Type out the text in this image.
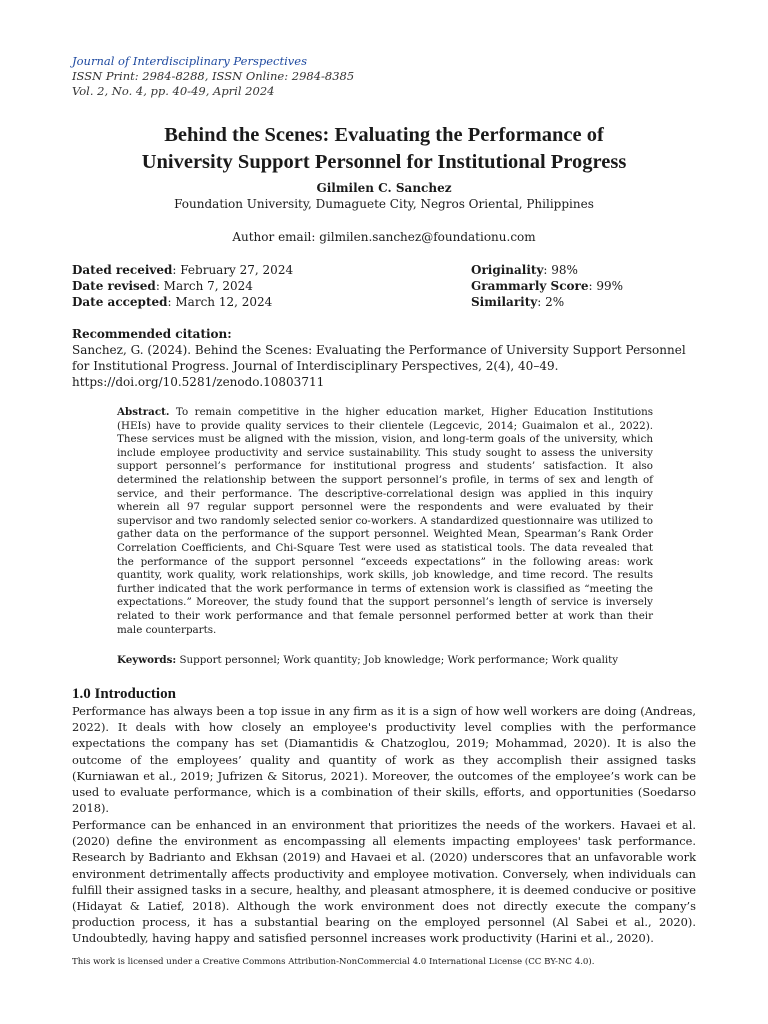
Journal of Interdisciplinary Perspectives
ISSN Print: 2984-8288, ISSN Online: 2984-8385
Vol. 2, No. 4, pp. 40-49, April 2024
Behind the Scenes: Evaluating the Performance of
University Support Personnel for Institutional Progress
Gilmilen C. Sanchez
Foundation University, Dumaguete City, Negros Oriental, Philippines
Author email: gilmilen.sanchez@foundationu.com
Dated received: February 27, 2024
Date revised: March 7, 2024
Date accepted: March 12, 2024
Originality: 98%
Grammarly Score: 99%
Similarity: 2%
Recommended citation:
Sanchez, G. (2024). Behind the Scenes: Evaluating the Performance of University Support Personnel for Institutional Progress. Journal of Interdisciplinary Perspectives, 2(4), 40–49.
https://doi.org/10.5281/zenodo.10803711
Abstract. To remain competitive in the higher education market, Higher Education Institutions (HEIs) have to provide quality services to their clientele (Legcevic, 2014; Guaimalon et al., 2022). These services must be aligned with the mission, vision, and long-term goals of the university, which include employee productivity and service sustainability. This study sought to assess the university support personnel’s performance for institutional progress and students’ satisfaction. It also determined the relationship between the support personnel’s profile, in terms of sex and length of service, and their performance. The descriptive-correlational design was applied in this inquiry wherein all 97 regular support personnel were the respondents and were evaluated by their supervisor and two randomly selected senior co-workers. A standardized questionnaire was utilized to gather data on the performance of the support personnel. Weighted Mean, Spearman’s Rank Order Correlation Coefficients, and Chi-Square Test were used as statistical tools. The data revealed that the performance of the support personnel “exceeds expectations” in the following areas: work quantity, work quality, work relationships, work skills, job knowledge, and time record. The results further indicated that the work performance in terms of extension work is classified as “meeting the expectations.” Moreover, the study found that the support personnel’s length of service is inversely related to their work performance and that female personnel performed better at work than their male counterparts.
Keywords: Support personnel; Work quantity; Job knowledge; Work performance; Work quality
1.0 Introduction

Performance has always been a top issue in any firm as it is a sign of how well workers are doing (Andreas, 2022). It deals with how closely an employee's productivity level complies with the performance expectations the company has set (Diamantidis & Chatzoglou, 2019; Mohammad, 2020). It is also the outcome of the employees’ quality and quantity of work as they accomplish their assigned tasks (Kurniawan et al., 2019; Jufrizen & Sitorus, 2021). Moreover, the outcomes of the employee’s work can be used to evaluate performance, which is a combination of their skills, efforts, and opportunities (Soedarso 2018).

Performance can be enhanced in an environment that prioritizes the needs of the workers. Havaei et al. (2020) define the environment as encompassing all elements impacting employees' task performance. Research by Badrianto and Ekhsan (2019) and Havaei et al. (2020) underscores that an unfavorable work environment detrimentally affects productivity and employee motivation. Conversely, when individuals can fulfill their assigned tasks in a secure, healthy, and pleasant atmosphere, it is deemed conducive or positive (Hidayat & Latief, 2018). Although the work environment does not directly execute the company’s production process, it has a substantial bearing on the employed personnel (Al Sabei et al., 2020). Undoubtedly, having happy and satisfied personnel increases work productivity (Harini et al., 2020).

This work is licensed under a Creative Commons Attribution-NonCommercial 4.0 International License (CC BY-NC 4.0).
